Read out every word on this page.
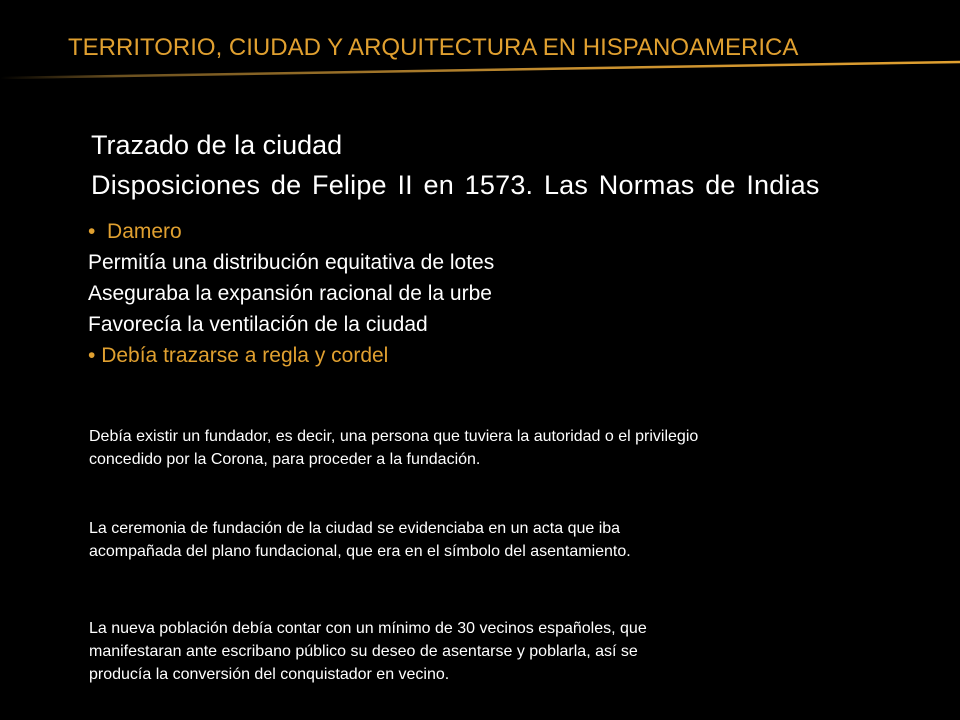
TERRITORIO, CIUDAD Y ARQUITECTURA EN HISPANOAMERICA
Trazado de la ciudad
Disposiciones de Felipe II en 1573. Las Normas de Indias
• Damero
Permitía una distribución equitativa de lotes
Aseguraba la expansión racional de la urbe
Favorecía la ventilación de la ciudad
• Debía trazarse a regla y cordel
Debía existir un fundador, es decir, una persona que tuviera la autoridad o el privilegio
concedido por la Corona, para proceder a la fundación.
La ceremonia de fundación de la ciudad se evidenciaba en un acta que iba
acompañada del plano fundacional, que era en el símbolo del asentamiento.
La nueva población debía contar con un mínimo de 30 vecinos españoles, que
manifestaran ante escribano público su deseo de asentarse y poblarla, así se
producía la conversión del conquistador en vecino.
